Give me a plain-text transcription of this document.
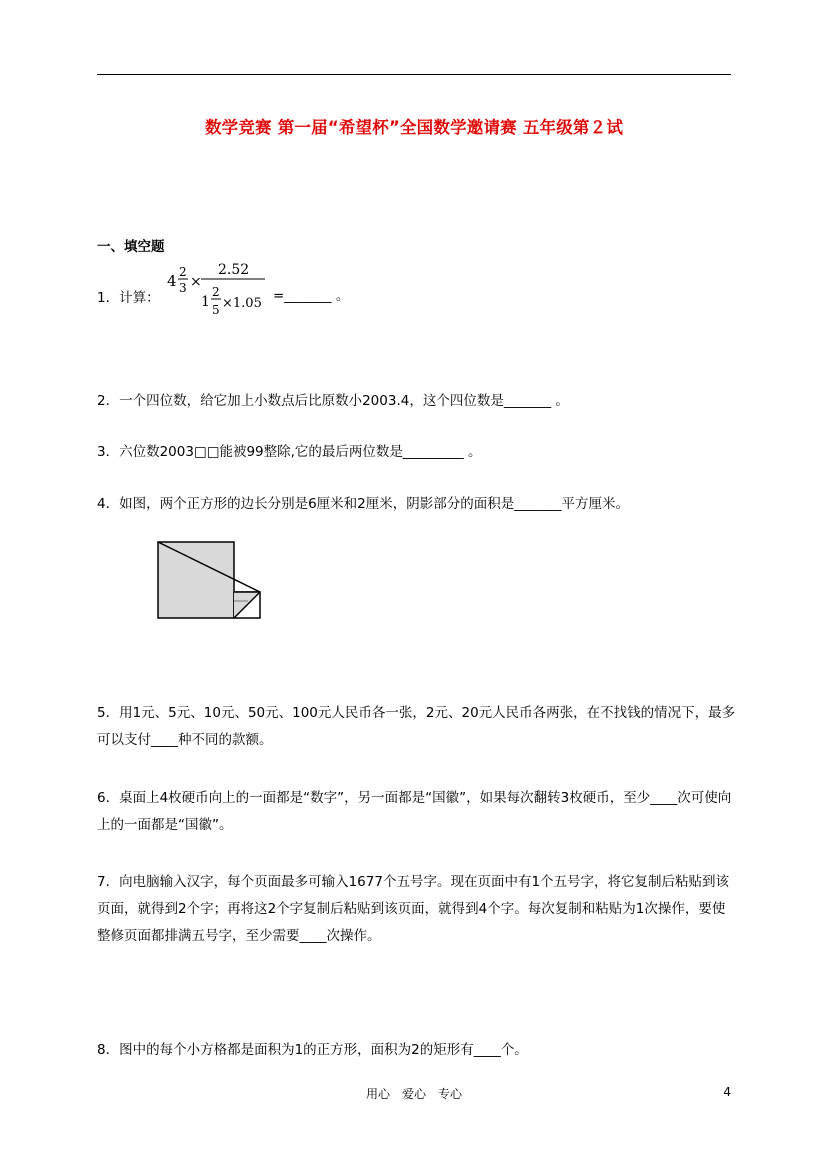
数学竞赛 第一届“希望杯”全国数学邀请赛 五年级第２试
一、填空题
1．计算：
4 2
3 ×
2.52
1
2
5 ×1.05 =_______ 。
2．一个四位数，给它加上小数点后比原数小2003.4，这个四位数是_______ 。
3．六位数2003□□能被99整除,它的最后两位数是_________ 。
4．如图，两个正方形的边长分别是6厘米和2厘米，阴影部分的面积是_______平方厘米。
5．用1元、5元、10元、50元、100元人民币各一张，2元、20元人民币各两张，在不找钱的情况下，最多可以支付____种不同的款额。
6．桌面上4枚硬币向上的一面都是“数字”，另一面都是“国徽”，如果每次翻转3枚硬币，至少____次可使向上的一面都是“国徽”。
7．向电脑输入汉字，每个页面最多可输入1677个五号字。现在页面中有1个五号字，将它复制后粘贴到该页面，就得到2个字；再将这2个字复制后粘贴到该页面，就得到4个字。每次复制和粘贴为1次操作，要使整修页面都排满五号字，至少需要____次操作。
8．图中的每个小方格都是面积为1的正方形，面积为2的矩形有____个。
用心　爱心　专心	4
